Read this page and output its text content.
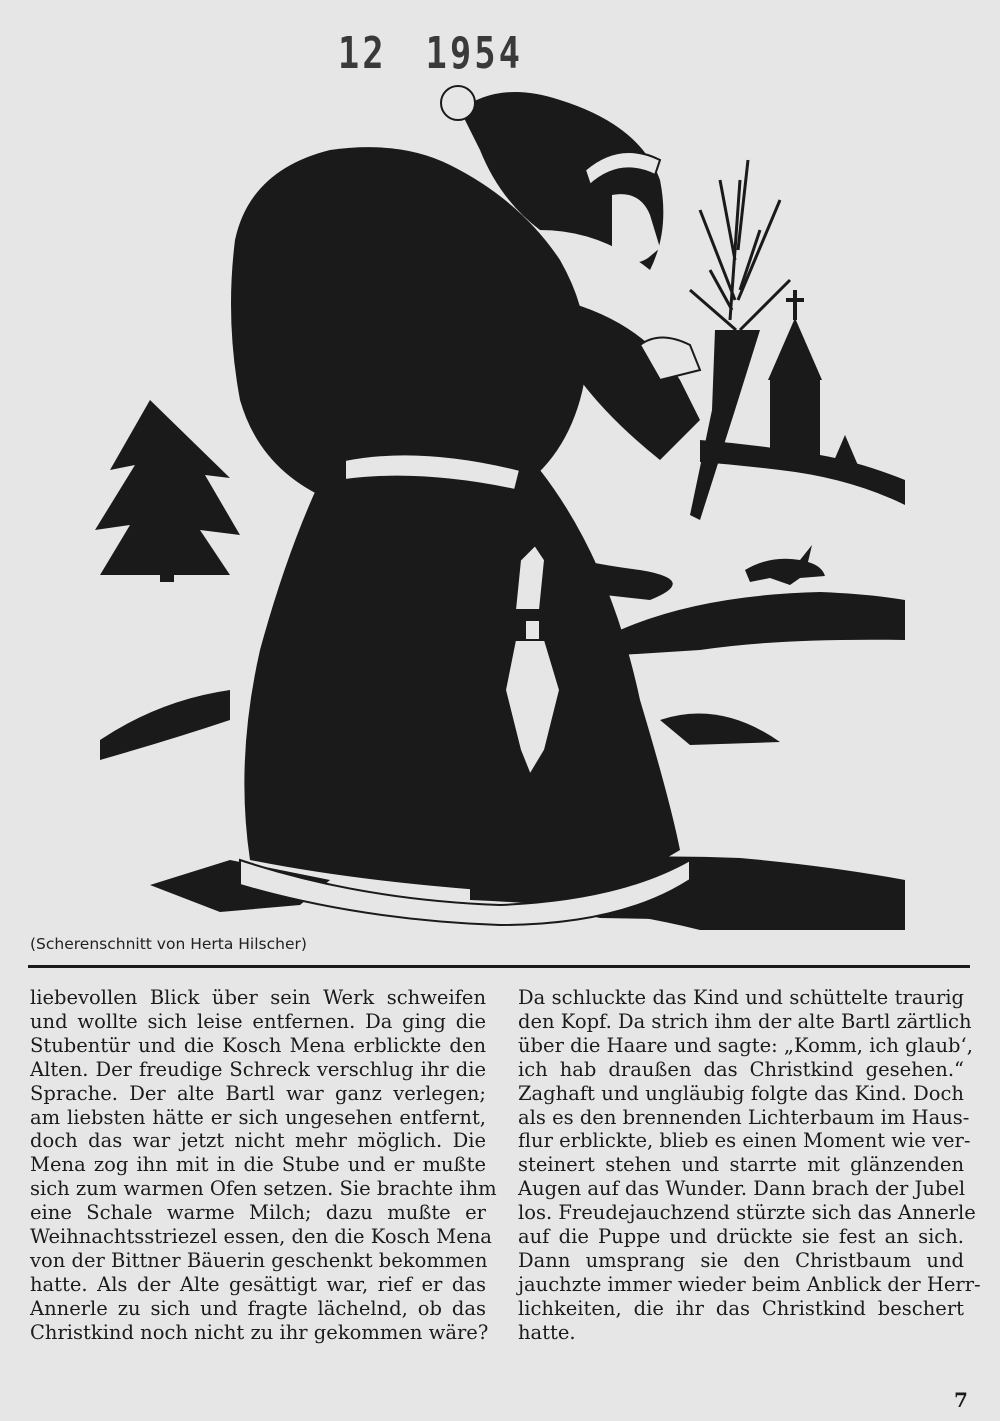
12 1954
HH
(Scherenschnitt von Herta Hilscher)
liebevollen Blick über sein Werk schweifen
und wollte sich leise entfernen. Da ging die
Stubentür und die Kosch Mena erblickte den
Alten. Der freudige Schreck verschlug ihr die
Sprache. Der alte Bartl war ganz verlegen;
am liebsten hätte er sich ungesehen entfernt,
doch das war jetzt nicht mehr möglich. Die
Mena zog ihn mit in die Stube und er mußte
sich zum warmen Ofen setzen. Sie brachte ihm
eine Schale warme Milch; dazu mußte er
Weihnachtsstriezel essen, den die Kosch Mena
von der Bittner Bäuerin geschenkt bekommen
hatte. Als der Alte gesättigt war, rief er das
Annerle zu sich und fragte lächelnd, ob das
Christkind noch nicht zu ihr gekommen wäre?
Da schluckte das Kind und schüttelte traurig
den Kopf. Da strich ihm der alte Bartl zärtlich
über die Haare und sagte: „Komm, ich glaub‘,
ich hab draußen das Christkind gesehen.“
Zaghaft und ungläubig folgte das Kind. Doch
als es den brennenden Lichterbaum im Haus-
flur erblickte, blieb es einen Moment wie ver-
steinert stehen und starrte mit glänzenden
Augen auf das Wunder. Dann brach der Jubel
los. Freudejauchzend stürzte sich das Annerle
auf die Puppe und drückte sie fest an sich.
Dann umsprang sie den Christbaum und
jauchzte immer wieder beim Anblick der Herr-
lichkeiten, die ihr das Christkind beschert
hatte.
7
